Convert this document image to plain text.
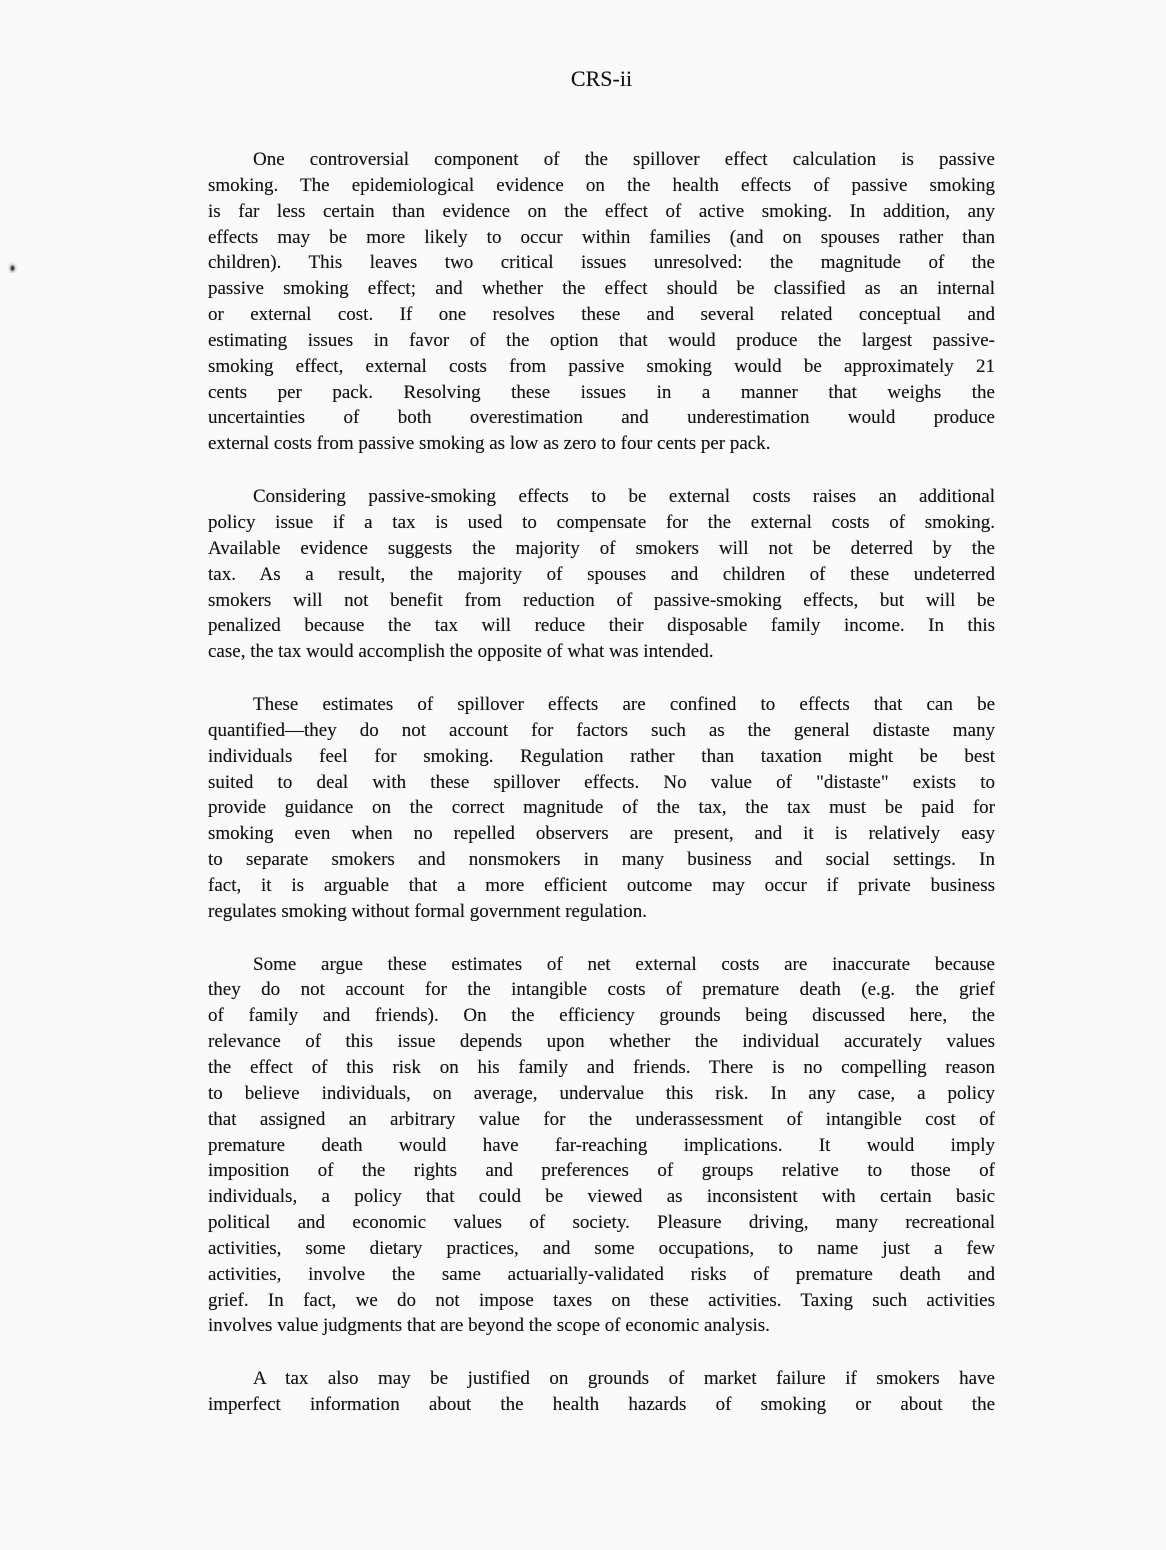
CRS-ii
One controversial component of the spillover effect calculation is passive
smoking. The epidemiological evidence on the health effects of passive smoking
is far less certain than evidence on the effect of active smoking. In addition, any
effects may be more likely to occur within families (and on spouses rather than
children). This leaves two critical issues unresolved: the magnitude of the
passive smoking effect; and whether the effect should be classified as an internal
or external cost. If one resolves these and several related conceptual and
estimating issues in favor of the option that would produce the largest passive-
smoking effect, external costs from passive smoking would be approximately 21
cents per pack. Resolving these issues in a manner that weighs the
uncertainties of both overestimation and underestimation would produce
external costs from passive smoking as low as zero to four cents per pack.
Considering passive-smoking effects to be external costs raises an additional
policy issue if a tax is used to compensate for the external costs of smoking.
Available evidence suggests the majority of smokers will not be deterred by the
tax. As a result, the majority of spouses and children of these undeterred
smokers will not benefit from reduction of passive-smoking effects, but will be
penalized because the tax will reduce their disposable family income. In this
case, the tax would accomplish the opposite of what was intended.
These estimates of spillover effects are confined to effects that can be
quantified—they do not account for factors such as the general distaste many
individuals feel for smoking. Regulation rather than taxation might be best
suited to deal with these spillover effects. No value of "distaste" exists to
provide guidance on the correct magnitude of the tax, the tax must be paid for
smoking even when no repelled observers are present, and it is relatively easy
to separate smokers and nonsmokers in many business and social settings. In
fact, it is arguable that a more efficient outcome may occur if private business
regulates smoking without formal government regulation.
Some argue these estimates of net external costs are inaccurate because
they do not account for the intangible costs of premature death (e.g. the grief
of family and friends). On the efficiency grounds being discussed here, the
relevance of this issue depends upon whether the individual accurately values
the effect of this risk on his family and friends. There is no compelling reason
to believe individuals, on average, undervalue this risk. In any case, a policy
that assigned an arbitrary value for the underassessment of intangible cost of
premature death would have far-reaching implications. It would imply
imposition of the rights and preferences of groups relative to those of
individuals, a policy that could be viewed as inconsistent with certain basic
political and economic values of society. Pleasure driving, many recreational
activities, some dietary practices, and some occupations, to name just a few
activities, involve the same actuarially-validated risks of premature death and
grief. In fact, we do not impose taxes on these activities. Taxing such activities
involves value judgments that are beyond the scope of economic analysis.
A tax also may be justified on grounds of market failure if smokers have
imperfect information about the health hazards of smoking or about the
